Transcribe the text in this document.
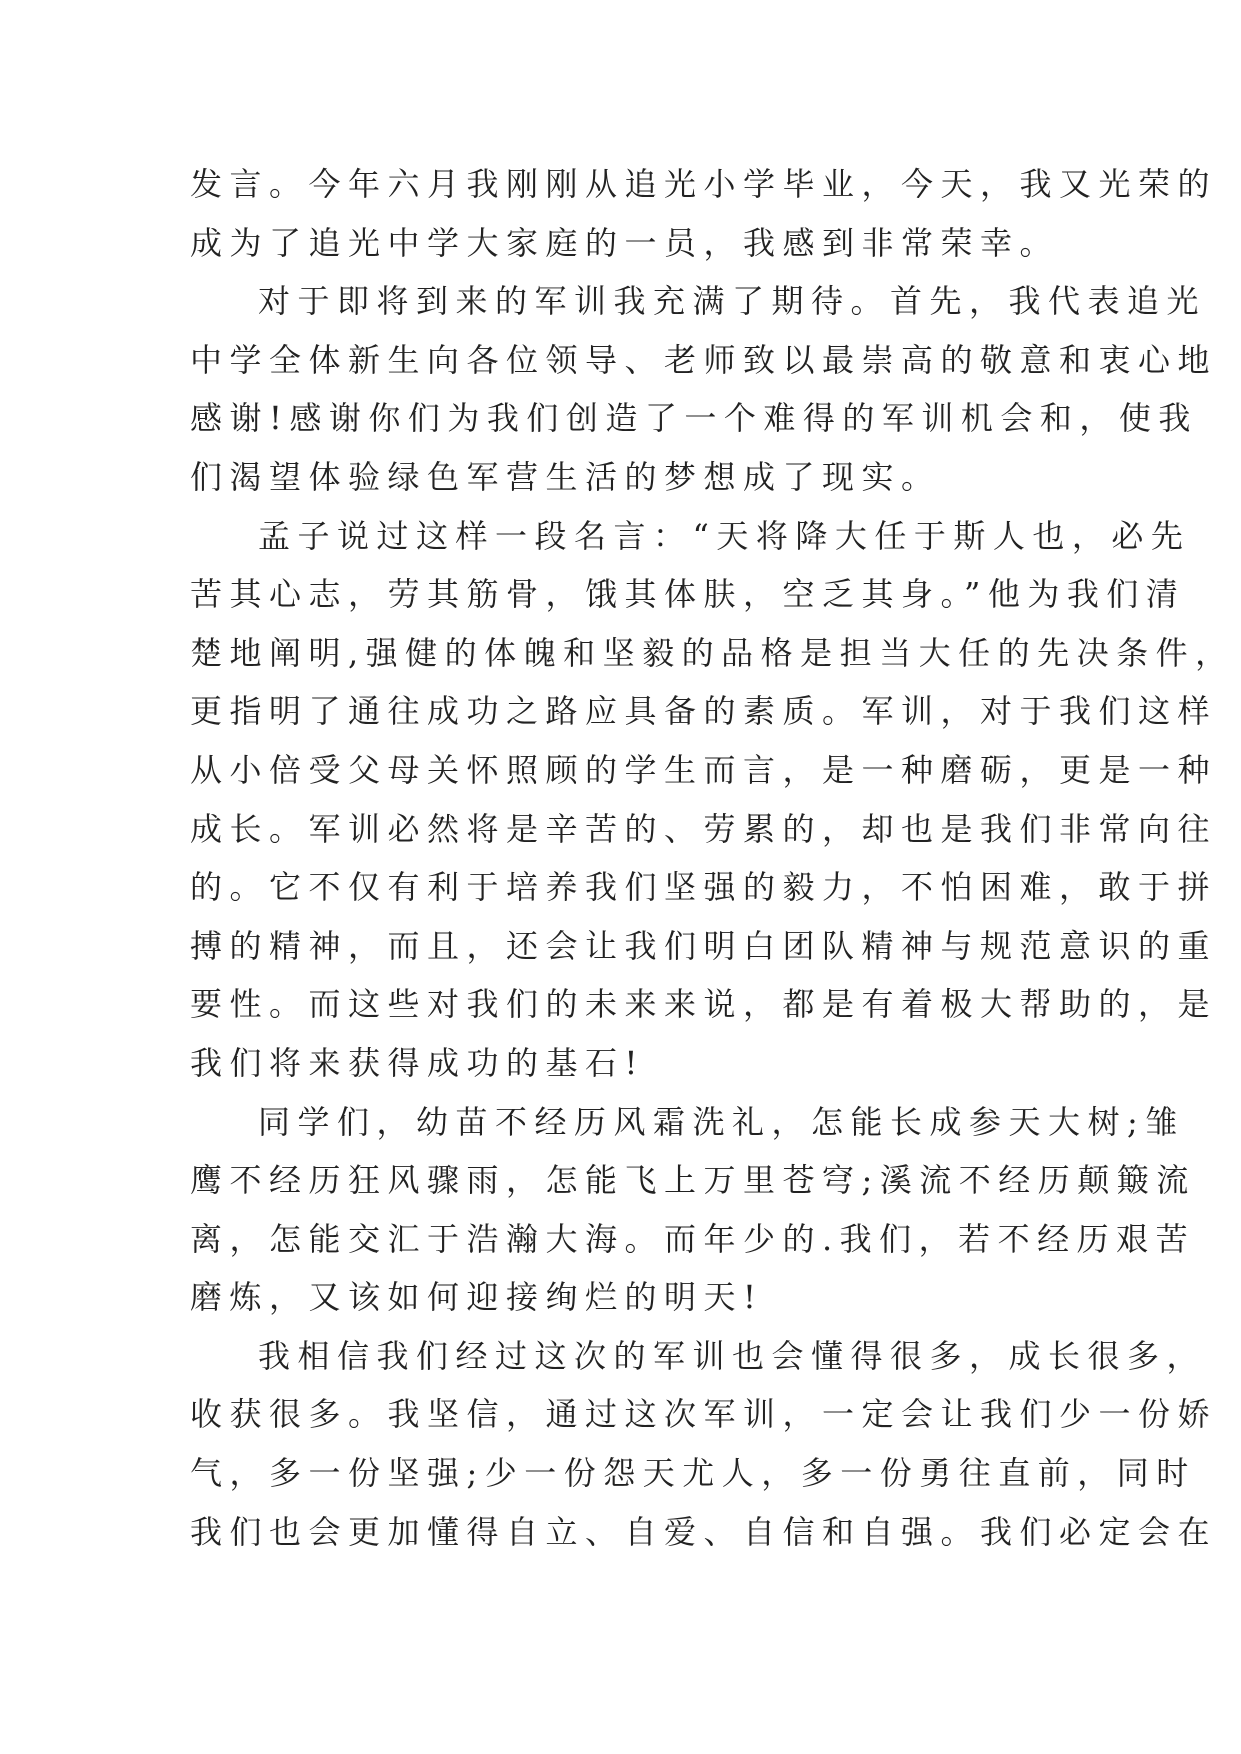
发言。今年六月我刚刚从追光小学毕业，今天，我又光荣的
成为了追光中学大家庭的一员，我感到非常荣幸。
对于即将到来的军训我充满了期待。首先，我代表追光
中学全体新生向各位领导、老师致以最崇高的敬意和衷心地
感谢!感谢你们为我们创造了一个难得的军训机会和，使我
们渴望体验绿色军营生活的梦想成了现实。
孟子说过这样一段名言：“天将降大任于斯人也，必先
苦其心志，劳其筋骨，饿其体肤，空乏其身。”他为我们清
楚地阐明,强健的体魄和坚毅的品格是担当大任的先决条件，
更指明了通往成功之路应具备的素质。军训，对于我们这样
从小倍受父母关怀照顾的学生而言，是一种磨砺，更是一种
成长。军训必然将是辛苦的、劳累的，却也是我们非常向往
的。它不仅有利于培养我们坚强的毅力，不怕困难，敢于拼
搏的精神，而且，还会让我们明白团队精神与规范意识的重
要性。而这些对我们的未来来说，都是有着极大帮助的，是
我们将来获得成功的基石!
同学们，幼苗不经历风霜洗礼，怎能长成参天大树;雏
鹰不经历狂风骤雨，怎能飞上万里苍穹;溪流不经历颠簸流
离，怎能交汇于浩瀚大海。而年少的.我们，若不经历艰苦
磨炼，又该如何迎接绚烂的明天!
我相信我们经过这次的军训也会懂得很多，成长很多，
收获很多。我坚信，通过这次军训，一定会让我们少一份娇
气，多一份坚强;少一份怨天尤人，多一份勇往直前，同时
我们也会更加懂得自立、自爱、自信和自强。我们必定会在
